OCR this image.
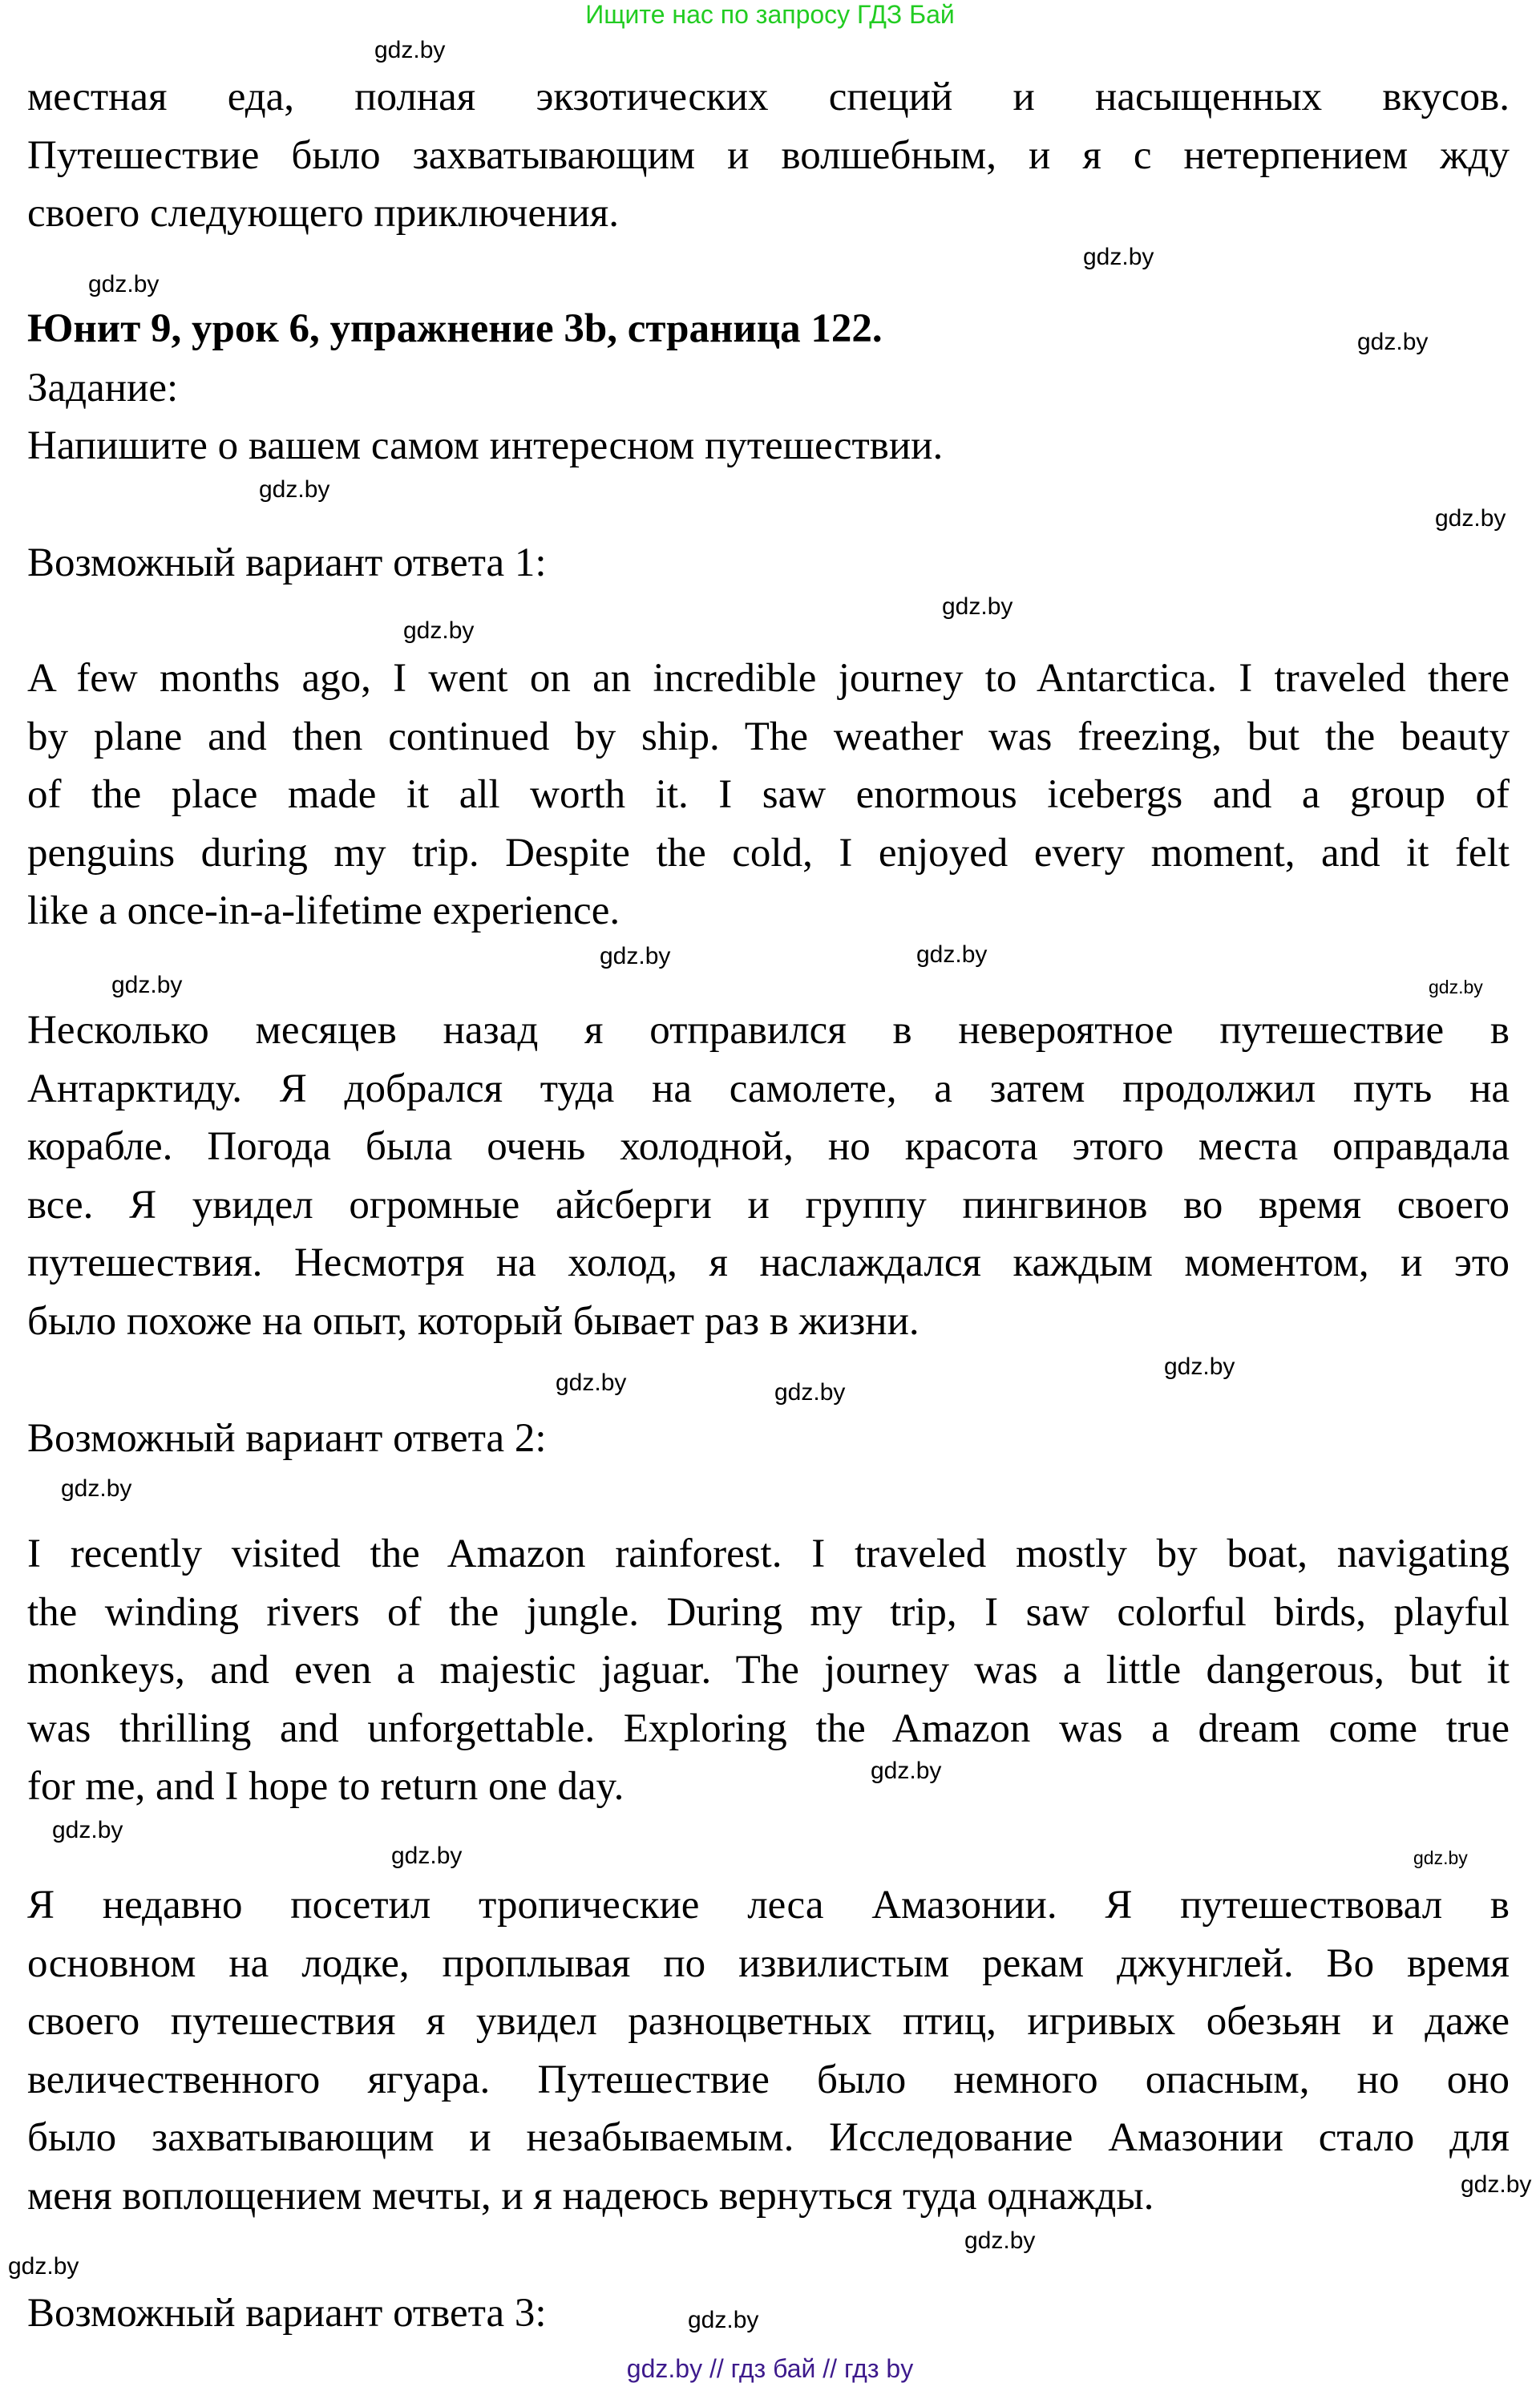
Ищите нас по запросу ГДЗ Бай
местная еда, полная экзотических специй и насыщенных вкусов.
Путешествие было захватывающим и волшебным, и я с нетерпением жду
своего следующего приключения.
Юнит 9, урок 6, упражнение 3b, страница 122.
Задание:
Напишите о вашем самом интересном путешествии.
Возможный вариант ответа 1:
A few months ago, I went on an incredible journey to Antarctica. I traveled there
by plane and then continued by ship. The weather was freezing, but the beauty
of the place made it all worth it. I saw enormous icebergs and a group of
penguins during my trip. Despite the cold, I enjoyed every moment, and it felt
like a once-in-a-lifetime experience.
Несколько месяцев назад я отправился в невероятное путешествие в
Антарктиду. Я добрался туда на самолете, а затем продолжил путь на
корабле. Погода была очень холодной, но красота этого места оправдала
все. Я увидел огромные айсберги и группу пингвинов во время своего
путешествия. Несмотря на холод, я наслаждался каждым моментом, и это
было похоже на опыт, который бывает раз в жизни.
Возможный вариант ответа 2:
I recently visited the Amazon rainforest. I traveled mostly by boat, navigating
the winding rivers of the jungle. During my trip, I saw colorful birds, playful
monkeys, and even a majestic jaguar. The journey was a little dangerous, but it
was thrilling and unforgettable. Exploring the Amazon was a dream come true
for me, and I hope to return one day.
Я недавно посетил тропические леса Амазонии. Я путешествовал в
основном на лодке, проплывая по извилистым рекам джунглей. Во время
своего путешествия я увидел разноцветных птиц, игривых обезьян и даже
величественного ягуара. Путешествие было немного опасным, но оно
было захватывающим и незабываемым. Исследование Амазонии стало для
меня воплощением мечты, и я надеюсь вернуться туда однажды.
Возможный вариант ответа 3:
gdz.by
gdz.by
gdz.by
gdz.by
gdz.by
gdz.by
gdz.by
gdz.by
gdz.by
gdz.by
gdz.by	gdz.by
gdz.by
gdz.by	gdz.by
gdz.by
gdz.by
gdz.by
gdz.by	gdz.by
gdz.by
gdz.by
gdz.by
gdz.by
gdz.by // гдз бай // гдз by
